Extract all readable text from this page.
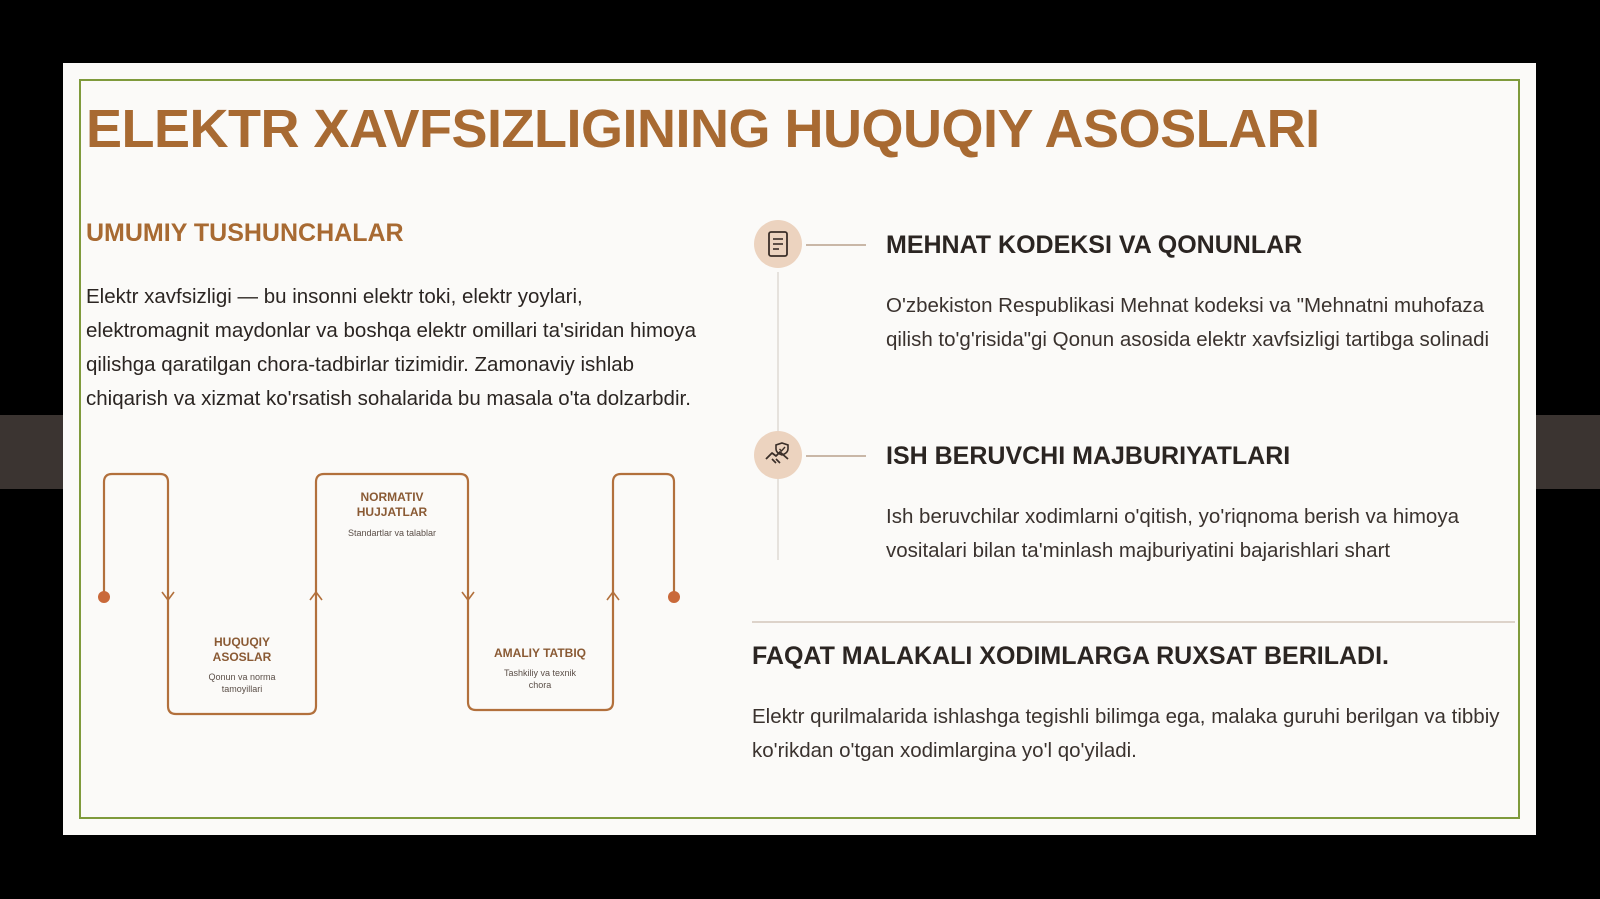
ELEKTR XAVFSIZLIGINING HUQUQIY ASOSLARI
UMUMIY TUSHUNCHALAR
Elektr xavfsizligi — bu insonni elektr toki, elektr yoylari, elektromagnit maydonlar va boshqa elektr omillari ta'siridan himoya qilishga qaratilgan chora-tadbirlar tizimidir. Zamonaviy ishlab chiqarish va xizmat ko'rsatish sohalarida bu masala o'ta dolzarbdir.
HUQUQIY
ASOSLAR
Qonun va norma
tamoyillari
NORMATIV
HUJJATLAR
Standartlar va talablar
AMALIY TATBIQ
Tashkiliy va texnik
chora
MEHNAT KODEKSI VA QONUNLAR
O'zbekiston Respublikasi Mehnat kodeksi va "Mehnatni muhofaza qilish to'g'risida"gi Qonun asosida elektr xavfsizligi tartibga solinadi
ISH BERUVCHI MAJBURIYATLARI
Ish beruvchilar xodimlarni o'qitish, yo'riqnoma berish va himoya vositalari bilan ta'minlash majburiyatini bajarishlari shart
FAQAT MALAKALI XODIMLARGA RUXSAT BERILADI.
Elektr qurilmalarida ishlashga tegishli bilimga ega, malaka guruhi berilgan va tibbiy ko'rikdan o'tgan xodimlargina yo'l qo'yiladi.
